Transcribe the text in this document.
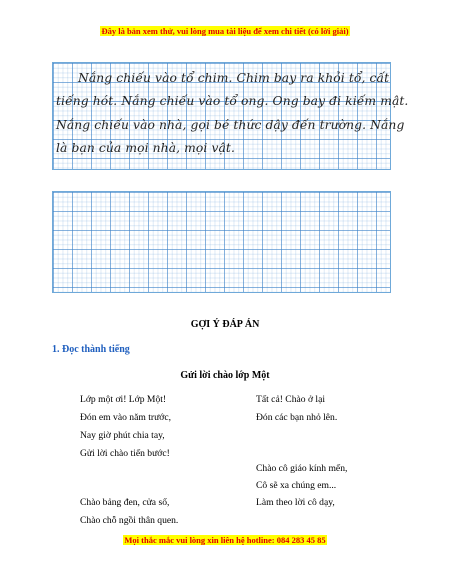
Đây là bản xem thử, vui lòng mua tài liệu để xem chi tiết (có lời giải)
Nắng chiếu vào tổ chim. Chim bay ra khỏi tổ, cất
tiếng hót. Nắng chiếu vào tổ ong. Ong bay đi kiếm mật.
Nắng chiếu vào nhà, gọi bé thức dậy đến trường. Nắng
là bạn của mọi nhà, mọi vật.
GỢI Ý ĐÁP ÁN
1. Đọc thành tiếng
Gửi lời chào lớp Một
Lớp một ơi! Lớp Một!
Đón em vào năm trước,
Nay giờ phút chia tay,
Gửi lời chào tiến bước!
Chào bảng đen, cửa sổ,
Chào chỗ ngồi thân quen.
Tất cả! Chào ở lại
Đón các bạn nhỏ lên.
Chào cô giáo kính mến,
Cô sẽ xa chúng em...
Làm theo lời cô dạy,
Mọi thắc mắc vui lòng xin liên hệ hotline: 084 283 45 85
